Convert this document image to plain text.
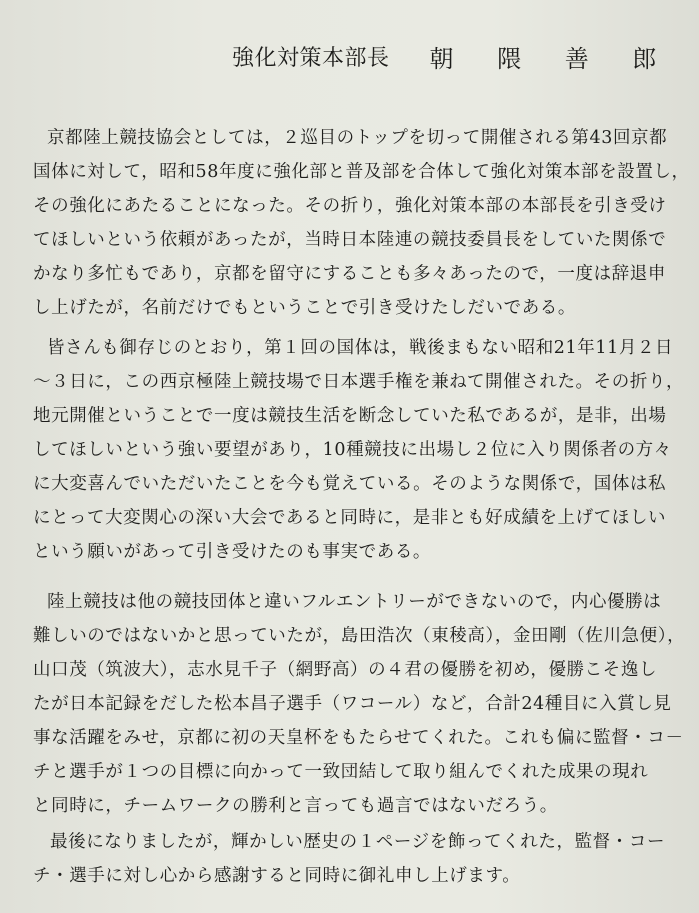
強化対策本部長 朝 隈 善 郎
京都陸上競技協会としては，２巡目のトップを切って開催される第43回京都
国体に対して，昭和58年度に強化部と普及部を合体して強化対策本部を設置し，
その強化にあたることになった。その折り，強化対策本部の本部長を引き受け
てほしいという依頼があったが，当時日本陸連の競技委員長をしていた関係で
かなり多忙もであり，京都を留守にすることも多々あったので，一度は辞退申
し上げたが，名前だけでもということで引き受けたしだいである。
皆さんも御存じのとおり，第１回の国体は，戦後まもない昭和21年11月２日
～３日に，この西京極陸上競技場で日本選手権を兼ねて開催された。その折り，
地元開催ということで一度は競技生活を断念していた私であるが，是非，出場
してほしいという強い要望があり，10種競技に出場し２位に入り関係者の方々
に大変喜んでいただいたことを今も覚えている。そのような関係で，国体は私
にとって大変関心の深い大会であると同時に，是非とも好成績を上げてほしい
という願いがあって引き受けたのも事実である。
陸上競技は他の競技団体と違いフルエントリーができないので，内心優勝は
難しいのではないかと思っていたが，島田浩次（東稜高），金田剛（佐川急便），
山口茂（筑波大），志水見千子（網野高）の４君の優勝を初め，優勝こそ逸し
たが日本記録をだした松本昌子選手（ワコール）など，合計24種目に入賞し見
事な活躍をみせ，京都に初の天皇杯をもたらせてくれた。これも偏に監督・コ－
チと選手が１つの目標に向かって一致団結して取り組んでくれた成果の現れ
と同時に，チームワークの勝利と言っても過言ではないだろう。
最後になりましたが，輝かしい歴史の１ページを飾ってくれた，監督・コー
チ・選手に対し心から感謝すると同時に御礼申し上げます。
